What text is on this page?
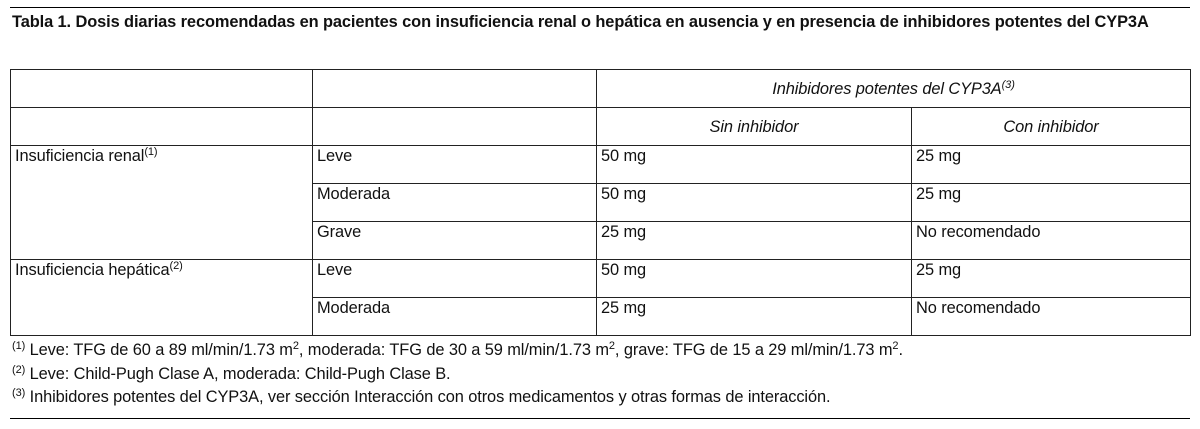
Tabla 1. Dosis diarias recomendadas en pacientes con insuficiencia renal o hepática en ausencia y en presencia de inhibidores potentes del CYP3A
		Inhibidores potentes del $CYP3A^{(3)}$
		Sin inhibidor	Con inhibidor
Insuficiencia renal$^{(1)}$	Leve	50 mg	25 mg
	Moderada	50 mg	25 mg
	Grave	25 mg	No recomendado
Insuficiencia hepática$^{(2)}$	Leve	50 mg	25 mg
	Moderada	25 mg	No recomendado
$^{(1)}$ Leve: TFG de 60 a 89 ml/min/1.73 $m^2$, moderada: TFG de 30 a 59 ml/min/1.73 $m^2$, grave: TFG de 15 a 29 ml/min/1.73 $m^2$.
$^{(2)}$ Leve: Child-Pugh Clase A, moderada: Child-Pugh Clase B.
$^{(3)}$ Inhibidores potentes del CYP3A, ver sección Interacción con otros medicamentos y otras formas de interacción.
